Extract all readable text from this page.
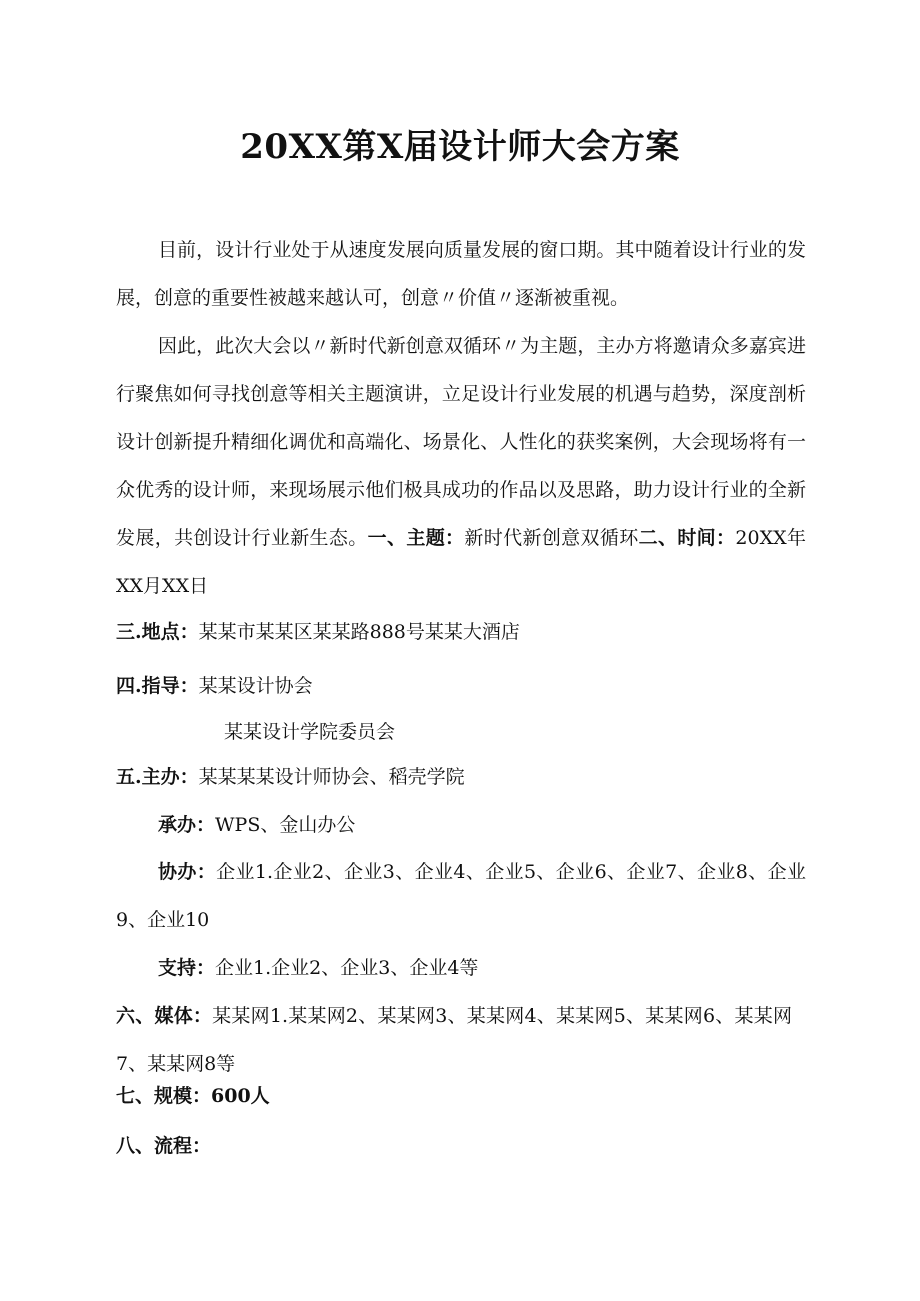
20XX第X届设计师大会方案
目前，设计行业处于从速度发展向质量发展的窗口期。其中随着设计行业的发展，创意的重要性被越来越认可，创意〃价值〃逐渐被重视。
因此，此次大会以〃新时代新创意双循环〃为主题，主办方将邀请众多嘉宾进行聚焦如何寻找创意等相关主题演讲，立足设计行业发展的机遇与趋势，深度剖析设计创新提升精细化调优和高端化、场景化、人性化的获奖案例，大会现场将有一众优秀的设计师，来现场展示他们极具成功的作品以及思路，助力设计行业的全新发展，共创设计行业新生态。一、主题：新时代新创意双循环二、时间：20XX年XX月XX日
三.地点：某某市某某区某某路888号某某大酒店
四.指导：某某设计协会
某某设计学院委员会
五.主办：某某某某设计师协会、稻壳学院
承办：WPS、金山办公
协办：企业1.企业2、企业3、企业4、企业5、企业6、企业7、企业8、企业9、企业10
支持：企业1.企业2、企业3、企业4等
六、媒体：某某网1.某某网2、某某网3、某某网4、某某网5、某某网6、某某网7、某某网8等
七、规模：600人
八、流程：
